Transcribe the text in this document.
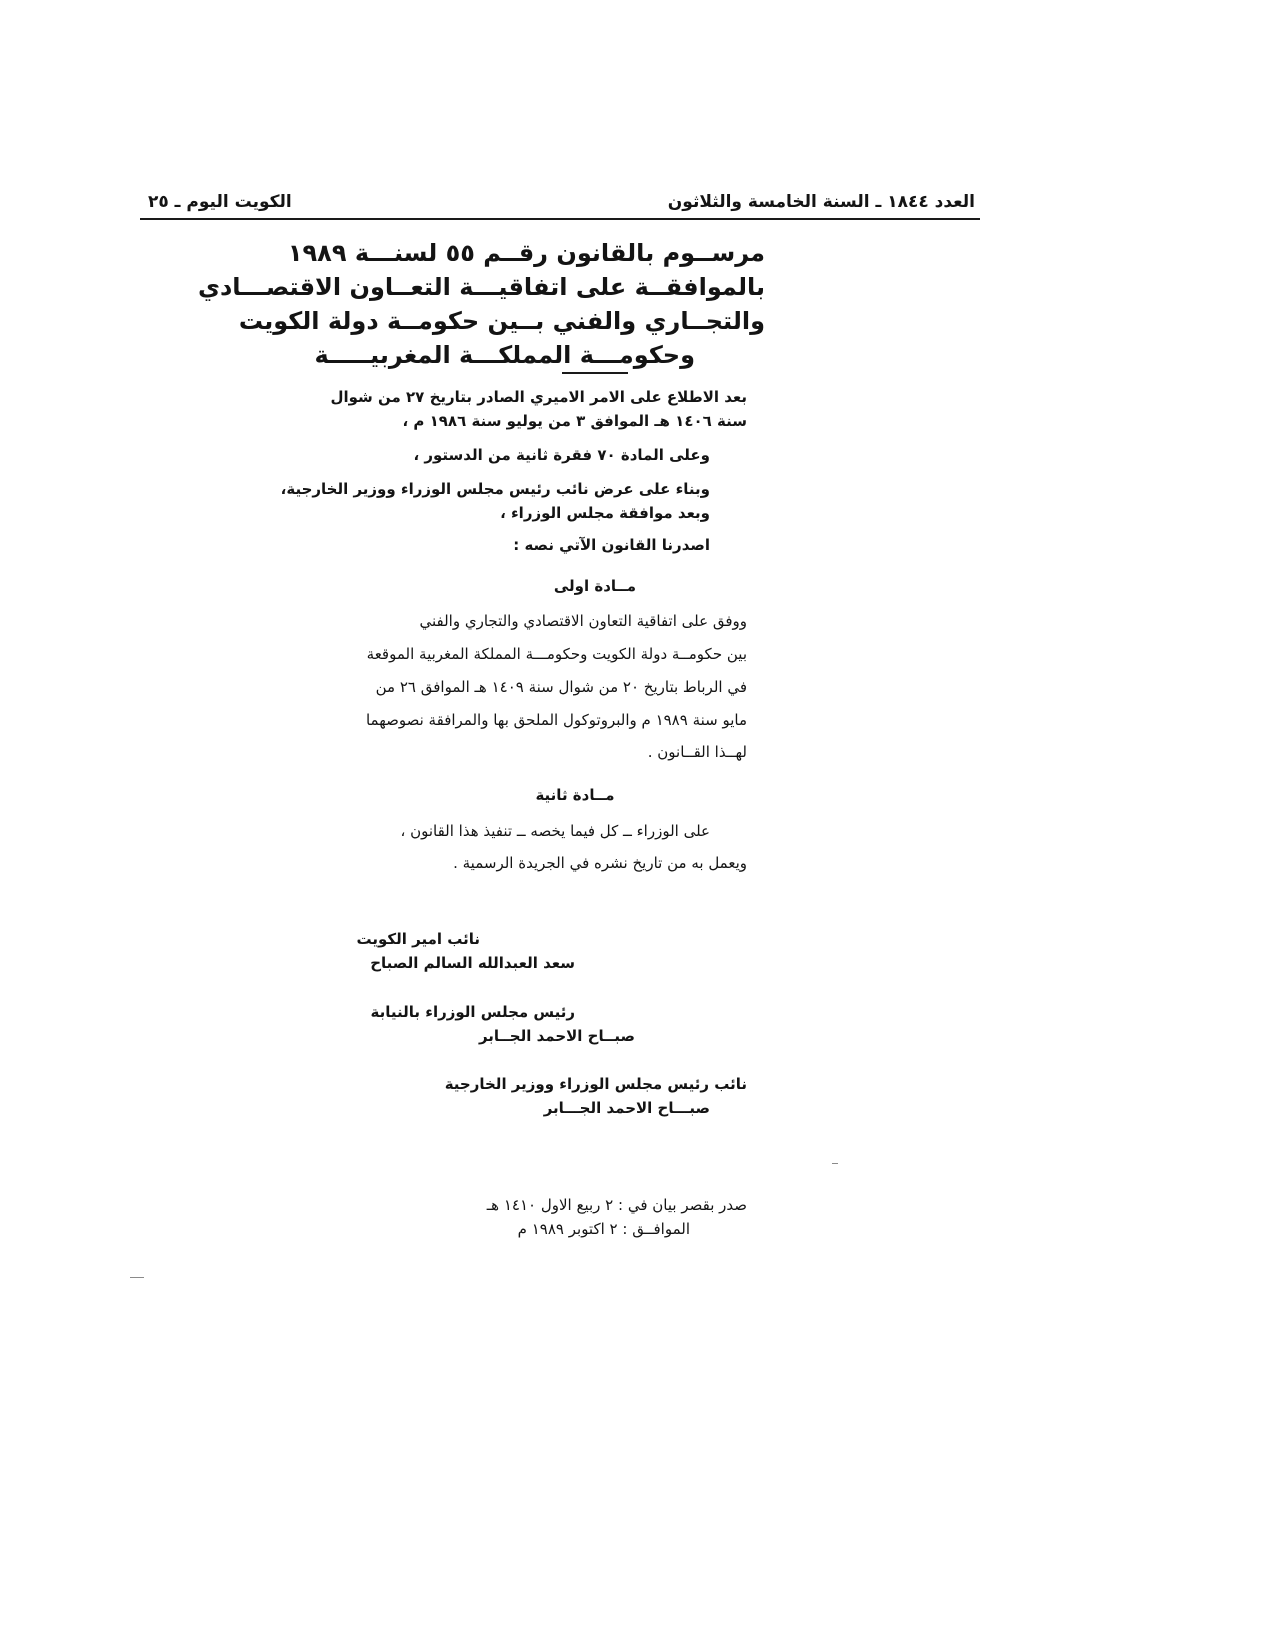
العدد ١٨٤٤ ـ السنة الخامسة والثلاثون
الكويت اليوم ـ ٢٥
مرســوم بالقانون رقــم ٥٥ لسنـــة ١٩٨٩
بالموافقــة على اتفاقيـــة التعــاون الاقتصـــادي
والتجــاري والفني بــين حكومــة دولة الكويت
وحكومـــة المملكـــة المغربيـــــة
بعد الاطلاع على الامر الاميري الصادر بتاريخ ٢٧ من شوال
سنة ١٤٠٦ هـ الموافق ٣ من يوليو سنة ١٩٨٦ م ،
وعلى المادة ٧٠ فقرة ثانية من الدستور ،
وبناء على عرض نائب رئيس مجلس الوزراء ووزير الخارجية،
وبعد موافقة مجلس الوزراء ،
اصدرنا القانون الآتي نصه :
مــادة اولى
ووفق على اتفاقية التعاون الاقتصادي والتجاري والفني
بين حكومــة دولة الكويت وحكومـــة المملكة المغربية الموقعة
في الرباط بتاريخ ٢٠ من شوال سنة ١٤٠٩ هـ الموافق ٢٦ من
مايو سنة ١٩٨٩ م والبروتوكول الملحق بها والمرافقة نصوصهما
لهــذا القــانون .
مــادة ثانية
على الوزراء ــ كل فيما يخصه ــ تنفيذ هذا القانون ،
ويعمل به من تاريخ نشره في الجريدة الرسمية .
نائب امير الكويت
سعد العبدالله السالم الصباح
رئيس مجلس الوزراء بالنيابة
صبــاح الاحمد الجــابر
نائب رئيس مجلس الوزراء ووزير الخارجية
صبـــاح الاحمد الجـــابر
صدر بقصر بيان في : ٢ ربيع الاول ١٤١٠ هـ
الموافــق : ٢ اكتوبر ١٩٨٩ م
